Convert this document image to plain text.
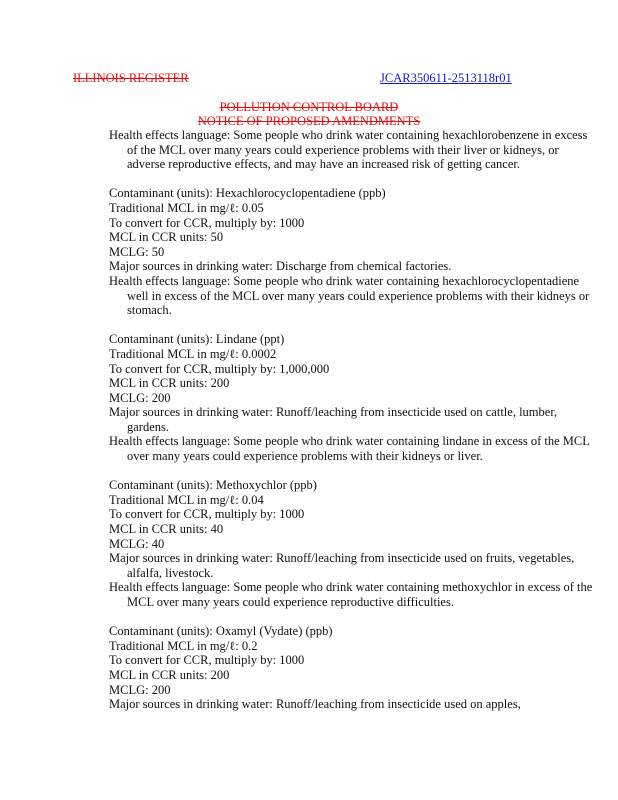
ILLINOIS REGISTER	JCAR350611-2513118r01
POLLUTION CONTROL BOARD
NOTICE OF PROPOSED AMENDMENTS
Health effects language: Some people who drink water containing hexachlorobenzene in excess of the MCL over many years could experience problems with their liver or kidneys, or adverse reproductive effects, and may have an increased risk of getting cancer.
Contaminant (units): Hexachlorocyclopentadiene (ppb)
Traditional MCL in mg/ℓ: 0.05
To convert for CCR, multiply by: 1000
MCL in CCR units: 50
MCLG: 50
Major sources in drinking water: Discharge from chemical factories.
Health effects language: Some people who drink water containing hexachlorocyclopentadiene well in excess of the MCL over many years could experience problems with their kidneys or stomach.
Contaminant (units): Lindane (ppt)
Traditional MCL in mg/ℓ: 0.0002
To convert for CCR, multiply by: 1,000,000
MCL in CCR units: 200
MCLG: 200
Major sources in drinking water: Runoff/leaching from insecticide used on cattle, lumber, gardens.
Health effects language: Some people who drink water containing lindane in excess of the MCL over many years could experience problems with their kidneys or liver.
Contaminant (units): Methoxychlor (ppb)
Traditional MCL in mg/ℓ: 0.04
To convert for CCR, multiply by: 1000
MCL in CCR units: 40
MCLG: 40
Major sources in drinking water: Runoff/leaching from insecticide used on fruits, vegetables, alfalfa, livestock.
Health effects language: Some people who drink water containing methoxychlor in excess of the MCL over many years could experience reproductive difficulties.
Contaminant (units): Oxamyl (Vydate) (ppb)
Traditional MCL in mg/ℓ: 0.2
To convert for CCR, multiply by: 1000
MCL in CCR units: 200
MCLG: 200
Major sources in drinking water: Runoff/leaching from insecticide used on apples,
